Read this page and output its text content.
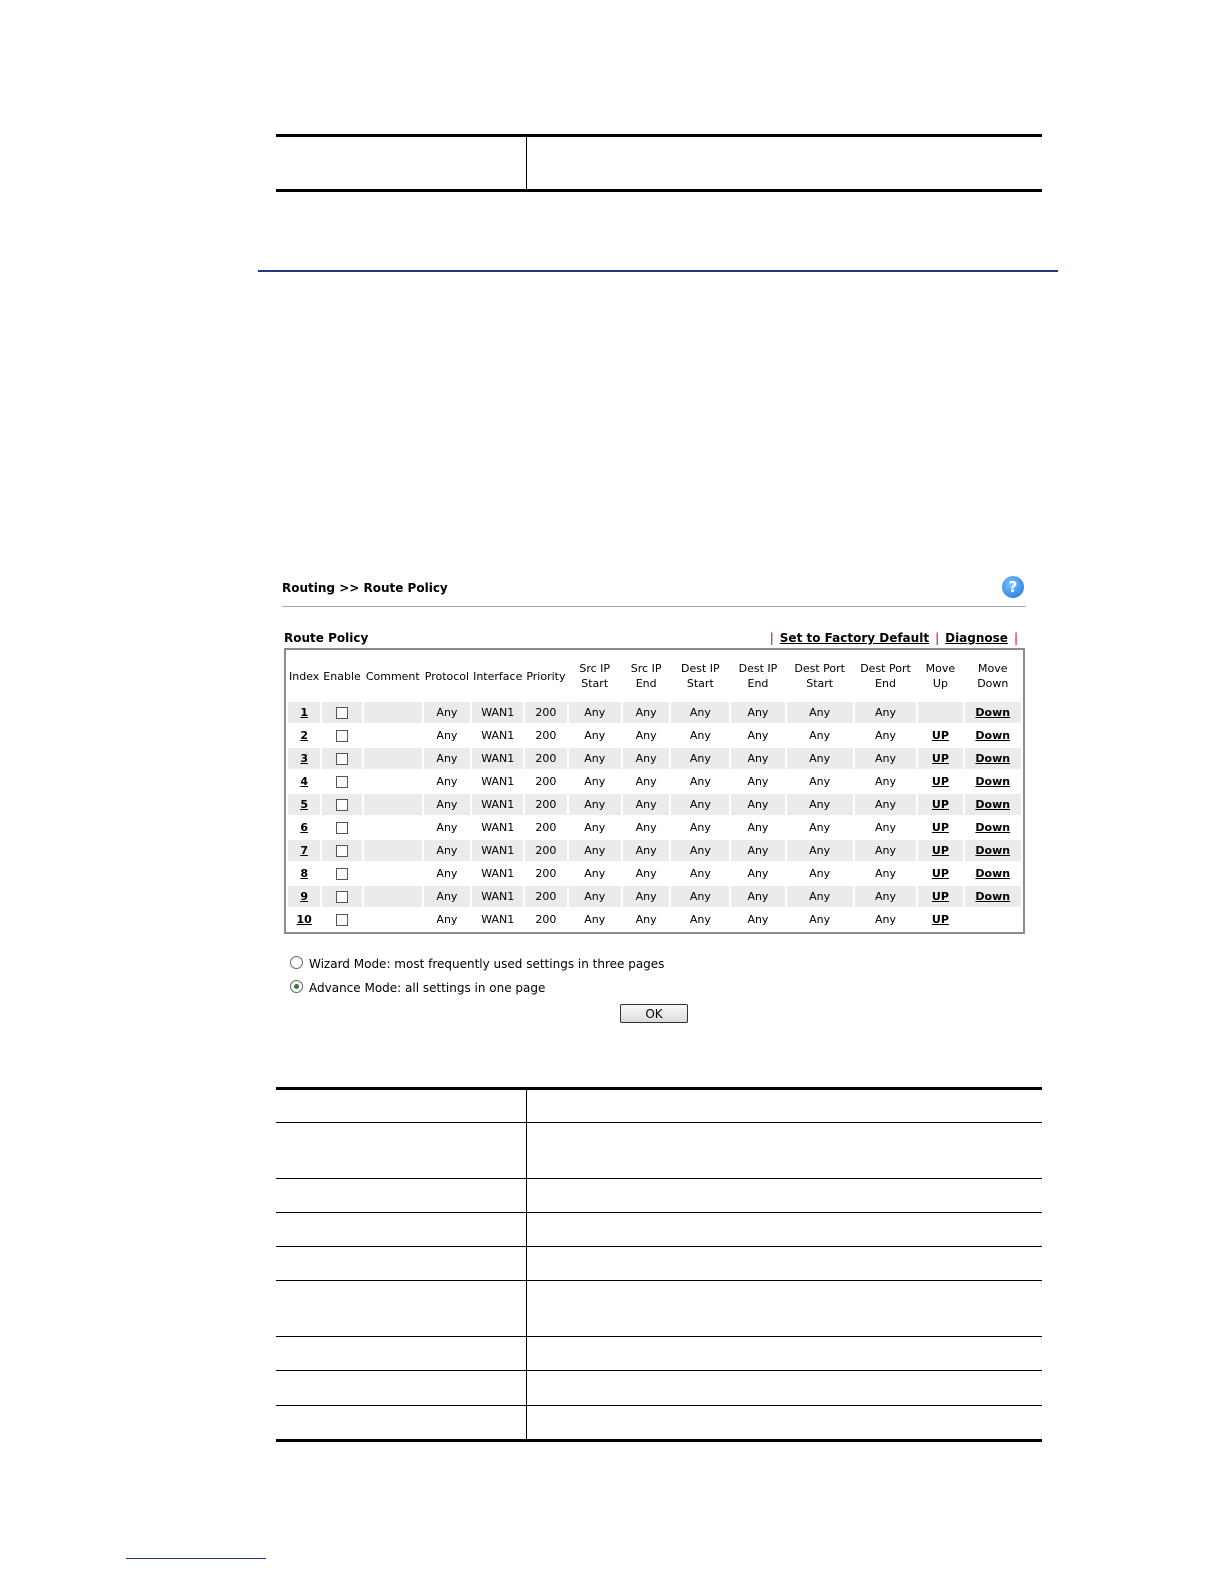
Routing >> Route Policy	?
Route Policy	| Set to Factory Default | Diagnose |
Index	Enable	Comment	Protocol	Interface	Priority	Src IP Start	Src IP End	Dest IP Start	Dest IP End	Dest Port Start	Dest Port End	Move Up	Move Down
1			Any	WAN1	200	Any	Any	Any	Any	Any	Any		Down
2			Any	WAN1	200	Any	Any	Any	Any	Any	Any	UP	Down
3			Any	WAN1	200	Any	Any	Any	Any	Any	Any	UP	Down
4			Any	WAN1	200	Any	Any	Any	Any	Any	Any	UP	Down
5			Any	WAN1	200	Any	Any	Any	Any	Any	Any	UP	Down
6			Any	WAN1	200	Any	Any	Any	Any	Any	Any	UP	Down
7			Any	WAN1	200	Any	Any	Any	Any	Any	Any	UP	Down
8			Any	WAN1	200	Any	Any	Any	Any	Any	Any	UP	Down
9			Any	WAN1	200	Any	Any	Any	Any	Any	Any	UP	Down
10			Any	WAN1	200	Any	Any	Any	Any	Any	Any	UP	
Wizard Mode: most frequently used settings in three pages
Advance Mode: all settings in one page
OK
